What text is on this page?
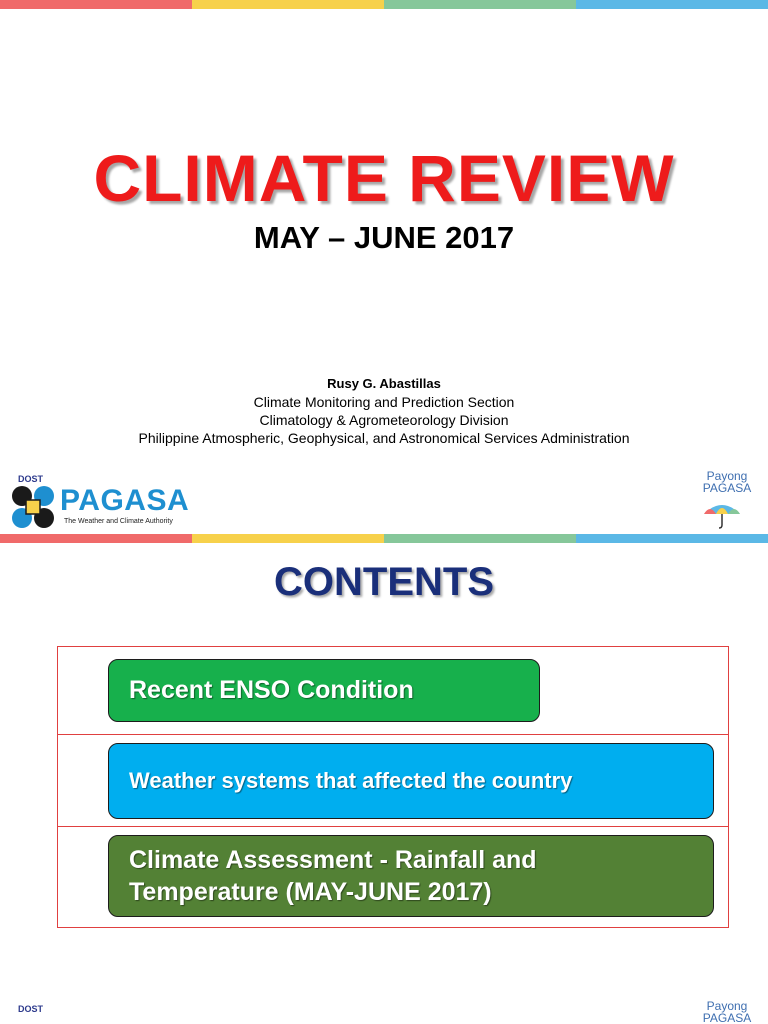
CLIMATE REVIEW
MAY – JUNE 2017
Rusy G. Abastillas
Climate Monitoring and Prediction Section
Climatology & Agrometeorology Division
Philippine Atmospheric, Geophysical, and Astronomical Services Administration
DOST
PAGASA
The Weather and Climate Authority
Payong
PAGASA
CONTENTS
Recent ENSO Condition
Weather systems that affected the country
Climate Assessment - Rainfall and
Temperature (MAY-JUNE 2017)
DOST	Payong
PAGASA
